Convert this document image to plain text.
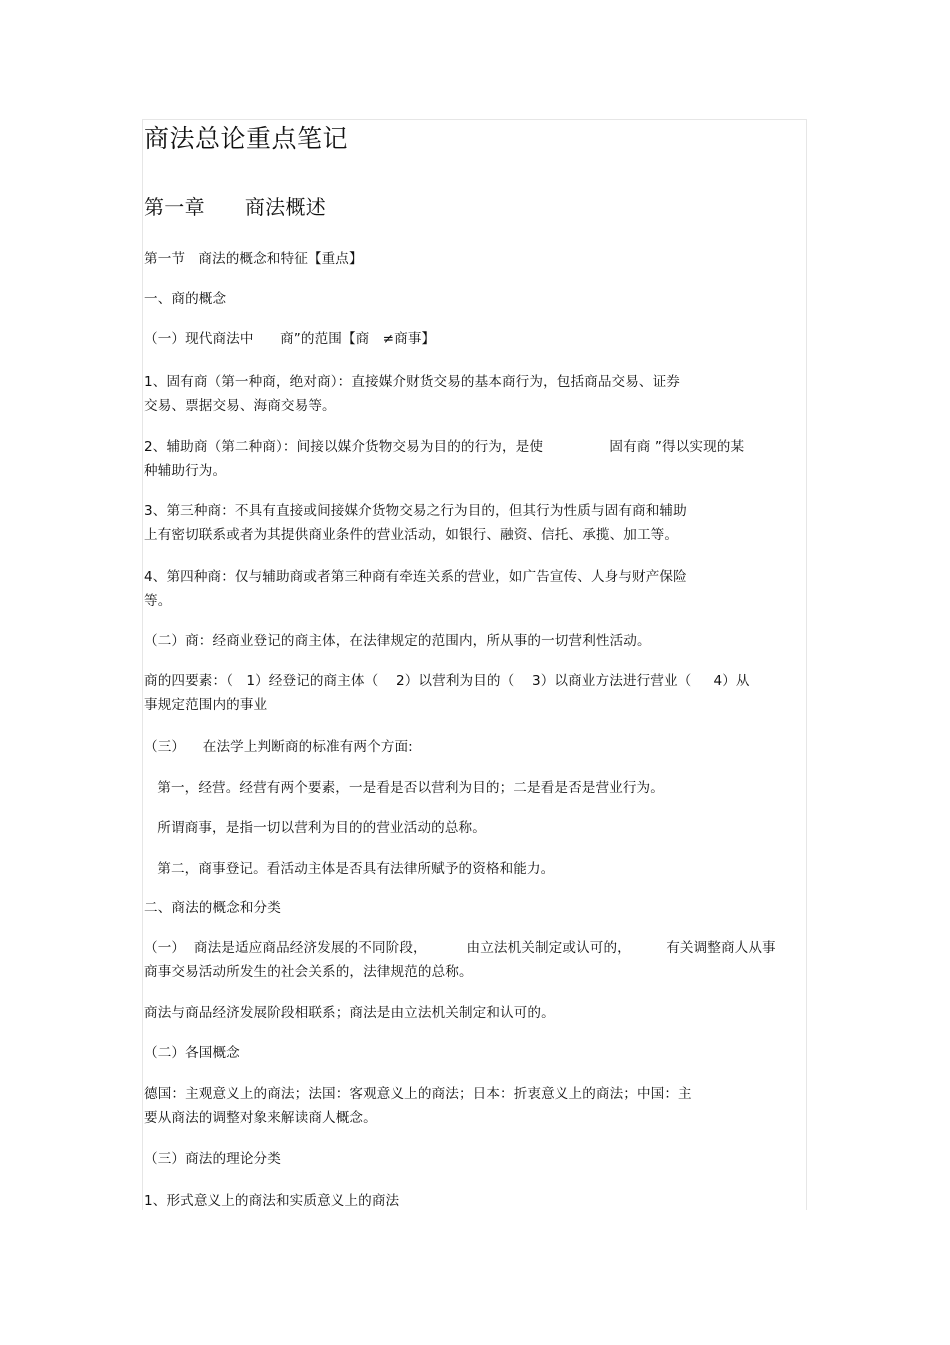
商法总论重点笔记
第一章      商法概述
第一节   商法的概念和特征【重点】
一、商的概念
（一）现代商法中      商”的范围【商   ≠商事】
1、固有商（第一种商，绝对商）：直接媒介财货交易的基本商行为，包括商品交易、证券
交易、票据交易、海商交易等。
2、辅助商（第二种商）：间接以媒介货物交易为目的的行为，是使               固有商 ”得以实现的某
种辅助行为。
3、第三种商：不具有直接或间接媒介货物交易之行为目的，但其行为性质与固有商和辅助
上有密切联系或者为其提供商业条件的营业活动，如银行、融资、信托、承揽、加工等。
4、第四种商：仅与辅助商或者第三种商有牵连关系的营业，如广告宣传、人身与财产保险
等。
（二）商：经商业登记的商主体，在法律规定的范围内，所从事的一切营利性活动。
商的四要素：（   1）经登记的商主体（    2）以营利为目的（    3）以商业方法进行营业（     4）从
事规定范围内的事业
（三）    在法学上判断商的标准有两个方面:
第一，经营。经营有两个要素，一是看是否以营利为目的；二是看是否是营业行为。
所谓商事，是指一切以营利为目的的营业活动的总称。
第二，商事登记。看活动主体是否具有法律所赋予的资格和能力。
二、商法的概念和分类
（一）  商法是适应商品经济发展的不同阶段，         由立法机关制定或认可的，        有关调整商人从事
商事交易活动所发生的社会关系的，法律规范的总称。
商法与商品经济发展阶段相联系；商法是由立法机关制定和认可的。
（二）各国概念
德国：主观意义上的商法；法国：客观意义上的商法；日本：折衷意义上的商法；中国：主
要从商法的调整对象来解读商人概念。
（三）商法的理论分类
1、形式意义上的商法和实质意义上的商法
